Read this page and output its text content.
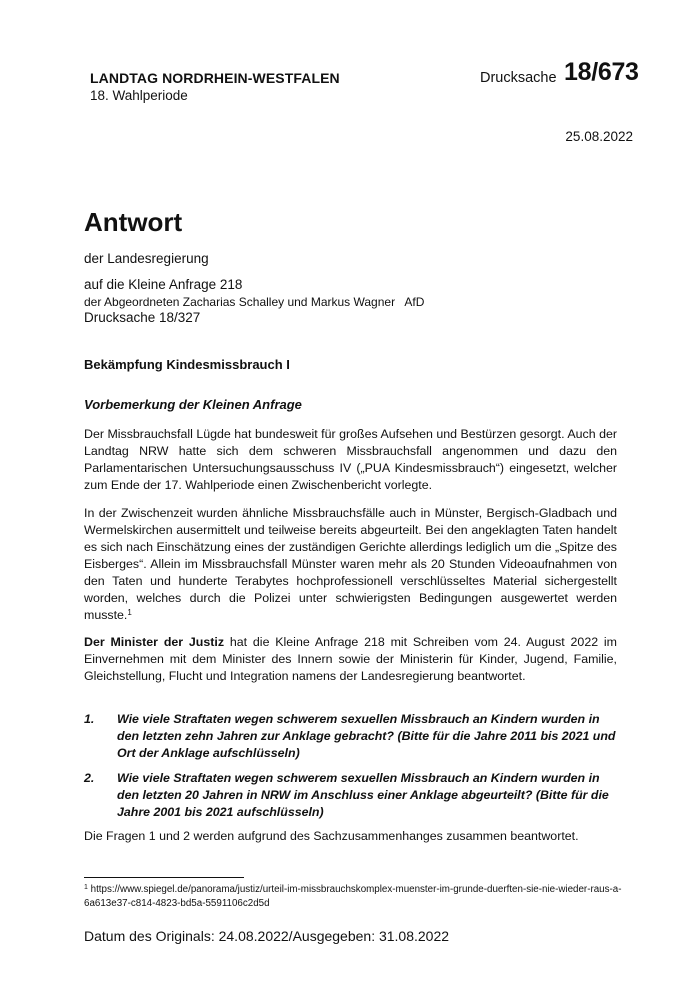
LANDTAG NORDRHEIN-WESTFALEN
18. Wahlperiode
Drucksache 18/673
25.08.2022
Antwort
der Landesregierung
auf die Kleine Anfrage 218
der Abgeordneten Zacharias Schalley und Markus Wagner   AfD
Drucksache 18/327
Bekämpfung Kindesmissbrauch I
Vorbemerkung der Kleinen Anfrage
Der Missbrauchsfall Lügde hat bundesweit für großes Aufsehen und Bestürzen gesorgt. Auch der Landtag NRW hatte sich dem schweren Missbrauchsfall angenommen und dazu den Parlamentarischen Untersuchungsausschuss IV („PUA Kindesmissbrauch“) eingesetzt, welcher zum Ende der 17. Wahlperiode einen Zwischenbericht vorlegte.
In der Zwischenzeit wurden ähnliche Missbrauchsfälle auch in Münster, Bergisch-Gladbach und Wermelskirchen ausermittelt und teilweise bereits abgeurteilt. Bei den angeklagten Taten handelt es sich nach Einschätzung eines der zuständigen Gerichte allerdings lediglich um die „Spitze des Eisberges“. Allein im Missbrauchsfall Münster waren mehr als 20 Stunden Videoaufnahmen von den Taten und hunderte Terabytes hochprofessionell verschlüsseltes Material sichergestellt worden, welches durch die Polizei unter schwierigsten Bedingungen ausgewertet werden musste.$^1$
Der Minister der Justiz hat die Kleine Anfrage 218 mit Schreiben vom 24. August 2022 im Einvernehmen mit dem Minister des Innern sowie der Ministerin für Kinder, Jugend, Familie, Gleichstellung, Flucht und Integration namens der Landesregierung beantwortet.
1.	Wie viele Straftaten wegen schwerem sexuellen Missbrauch an Kindern wurden in den letzten zehn Jahren zur Anklage gebracht? (Bitte für die Jahre 2011 bis 2021 und Ort der Anklage aufschlüsseln)
2.	Wie viele Straftaten wegen schwerem sexuellen Missbrauch an Kindern wurden in den letzten 20 Jahren in NRW im Anschluss einer Anklage abgeurteilt? (Bitte für die Jahre 2001 bis 2021 aufschlüsseln)
Die Fragen 1 und 2 werden aufgrund des Sachzusammenhanges zusammen beantwortet.
$^1$ https://www.spiegel.de/panorama/justiz/urteil-im-missbrauchskomplex-muenster-im-grunde-duerften-sie-nie-wieder-raus-a-6a613e37-c814-4823-bd5a-5591106c2d5d
Datum des Originals: 24.08.2022/Ausgegeben: 31.08.2022
